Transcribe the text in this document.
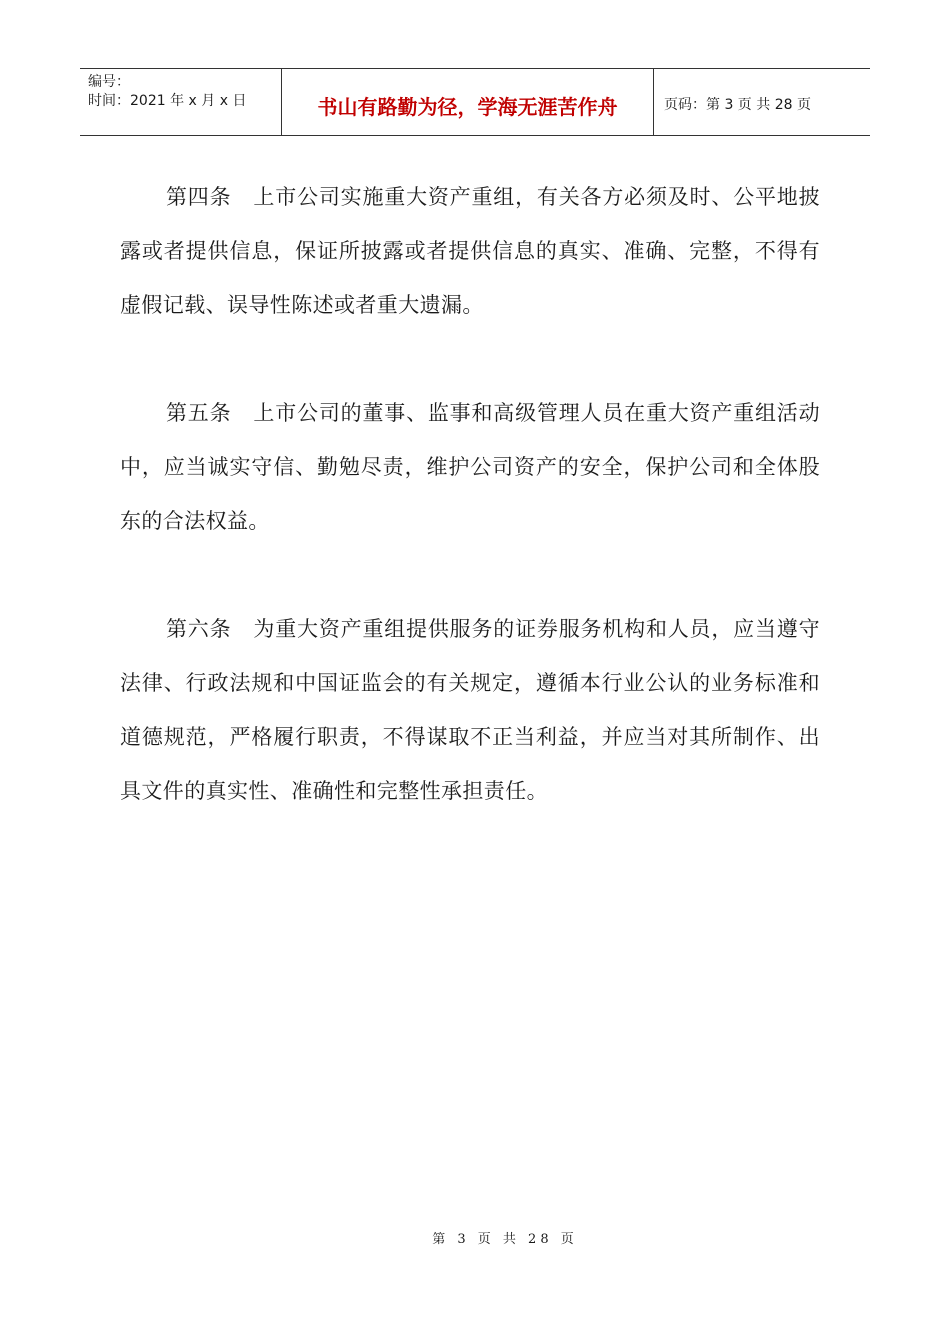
编号：
时间：2021 年 x 月 x 日	书山有路勤为径，学海无涯苦作舟	页码：第 3 页 共 28 页

第四条 上市公司实施重大资产重组，有关各方必须及时、公平地披露或者提供信息，保证所披露或者提供信息的真实、准确、完整，不得有虚假记载、误导性陈述或者重大遗漏。

第五条 上市公司的董事、监事和高级管理人员在重大资产重组活动中，应当诚实守信、勤勉尽责，维护公司资产的安全，保护公司和全体股东的合法权益。

第六条 为重大资产重组提供服务的证券服务机构和人员，应当遵守法律、行政法规和中国证监会的有关规定，遵循本行业公认的业务标准和道德规范，严格履行职责，不得谋取不正当利益，并应当对其所制作、出具文件的真实性、准确性和完整性承担责任。

第 3 页 共 28 页
